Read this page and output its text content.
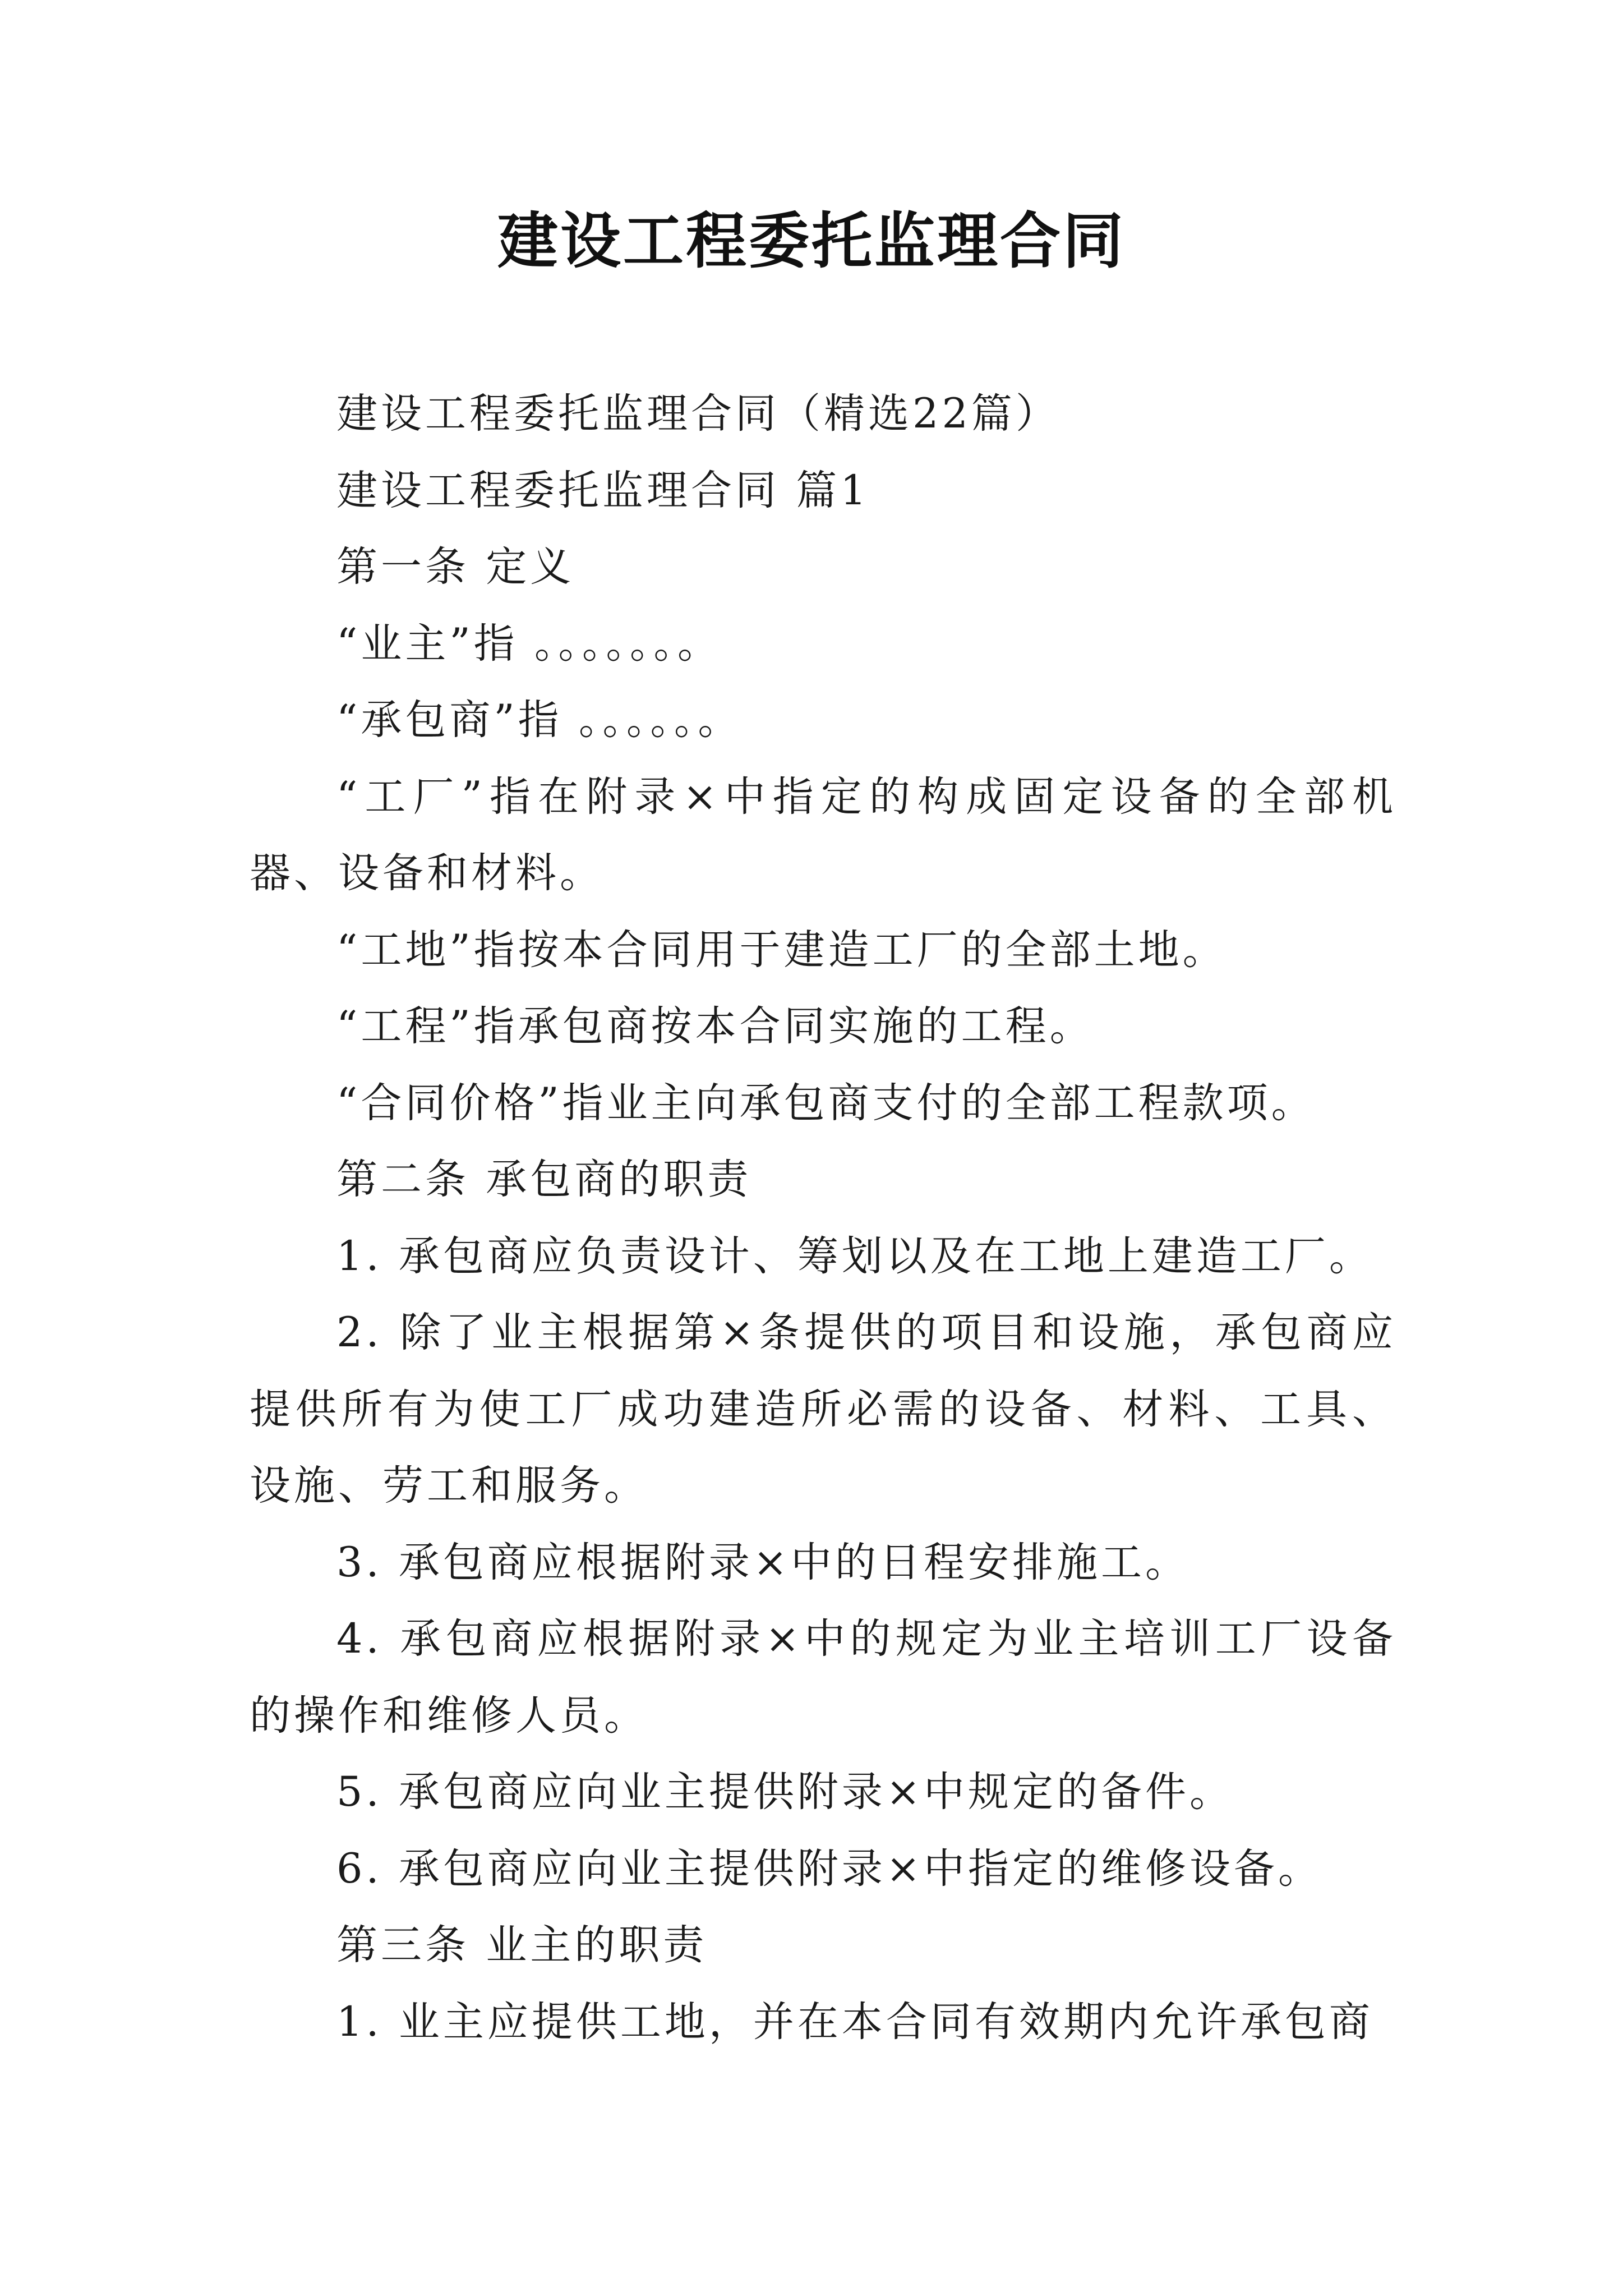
建设工程委托监理合同

建设工程委托监理合同（精选22篇）

建设工程委托监理合同 篇1

第一条 定义

“业主”指 。。。。。。。

“承包商”指 。。。。。。

“工厂”指在附录×中指定的构成固定设备的全部机器、设备和材料。

“工地”指按本合同用于建造工厂的全部土地。

“工程”指承包商按本合同实施的工程。

“合同价格”指业主向承包商支付的全部工程款项。

第二条 承包商的职责

1. 承包商应负责设计、筹划以及在工地上建造工厂。

2. 除了业主根据第×条提供的项目和设施，承包商应提供所有为使工厂成功建造所必需的设备、材料、工具、设施、劳工和服务。

3. 承包商应根据附录×中的日程安排施工。

4. 承包商应根据附录×中的规定为业主培训工厂设备的操作和维修人员。

5. 承包商应向业主提供附录×中规定的备件。

6. 承包商应向业主提供附录×中指定的维修设备。

第三条 业主的职责

1. 业主应提供工地，并在本合同有效期内允许承包商
